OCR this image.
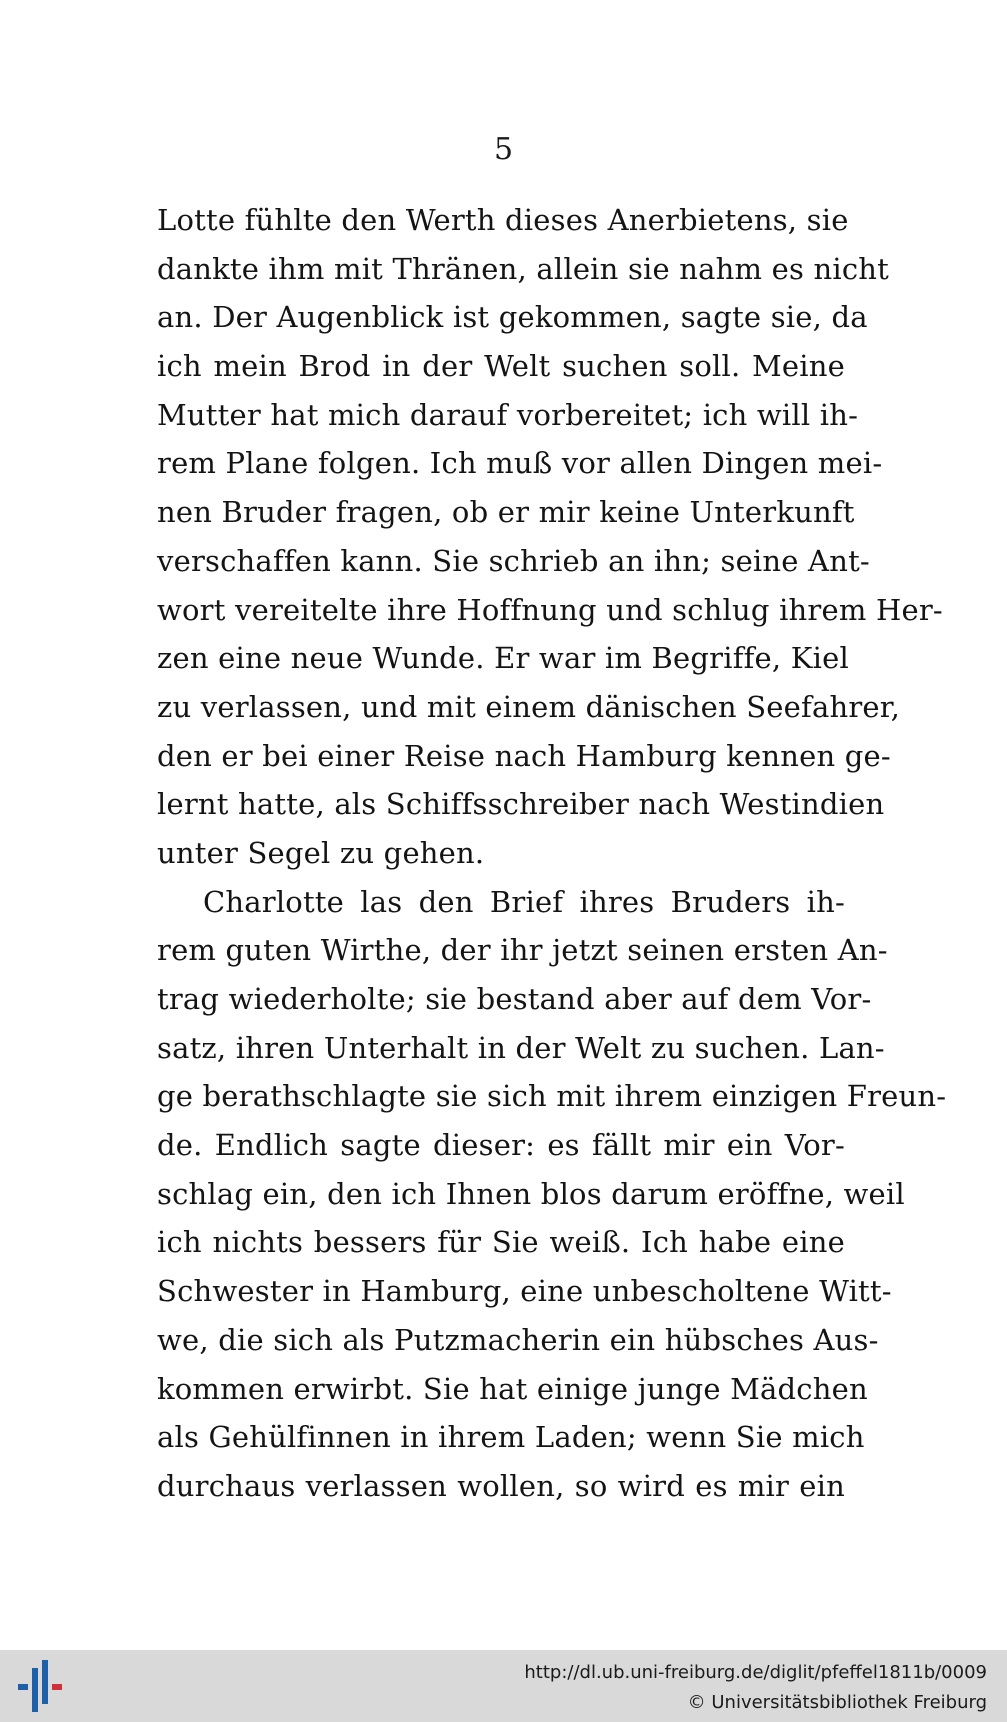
5
Lotte fühlte den Werth dieses Anerbietens, sie
dankte ihm mit Thränen, allein sie nahm es nicht
an. Der Augenblick ist gekommen, sagte sie, da
ich mein Brod in der Welt suchen soll. Meine
Mutter hat mich darauf vorbereitet; ich will ih-
rem Plane folgen. Ich muß vor allen Dingen mei-
nen Bruder fragen, ob er mir keine Unterkunft
verschaffen kann. Sie schrieb an ihn; seine Ant-
wort vereitelte ihre Hoffnung und schlug ihrem Her-
zen eine neue Wunde. Er war im Begriffe, Kiel
zu verlassen, und mit einem dänischen Seefahrer,
den er bei einer Reise nach Hamburg kennen ge-
lernt hatte, als Schiffsschreiber nach Westindien
unter Segel zu gehen.
Charlotte las den Brief ihres Bruders ih-
rem guten Wirthe, der ihr jetzt seinen ersten An-
trag wiederholte; sie bestand aber auf dem Vor-
satz, ihren Unterhalt in der Welt zu suchen. Lan-
ge berathschlagte sie sich mit ihrem einzigen Freun-
de. Endlich sagte dieser: es fällt mir ein Vor-
schlag ein, den ich Ihnen blos darum eröffne, weil
ich nichts bessers für Sie weiß. Ich habe eine
Schwester in Hamburg, eine unbescholtene Witt-
we, die sich als Putzmacherin ein hübsches Aus-
kommen erwirbt. Sie hat einige junge Mädchen
als Gehülfinnen in ihrem Laden; wenn Sie mich
durchaus verlassen wollen, so wird es mir ein
http://dl.ub.uni-freiburg.de/diglit/pfeffel1811b/0009
© Universitätsbibliothek Freiburg
